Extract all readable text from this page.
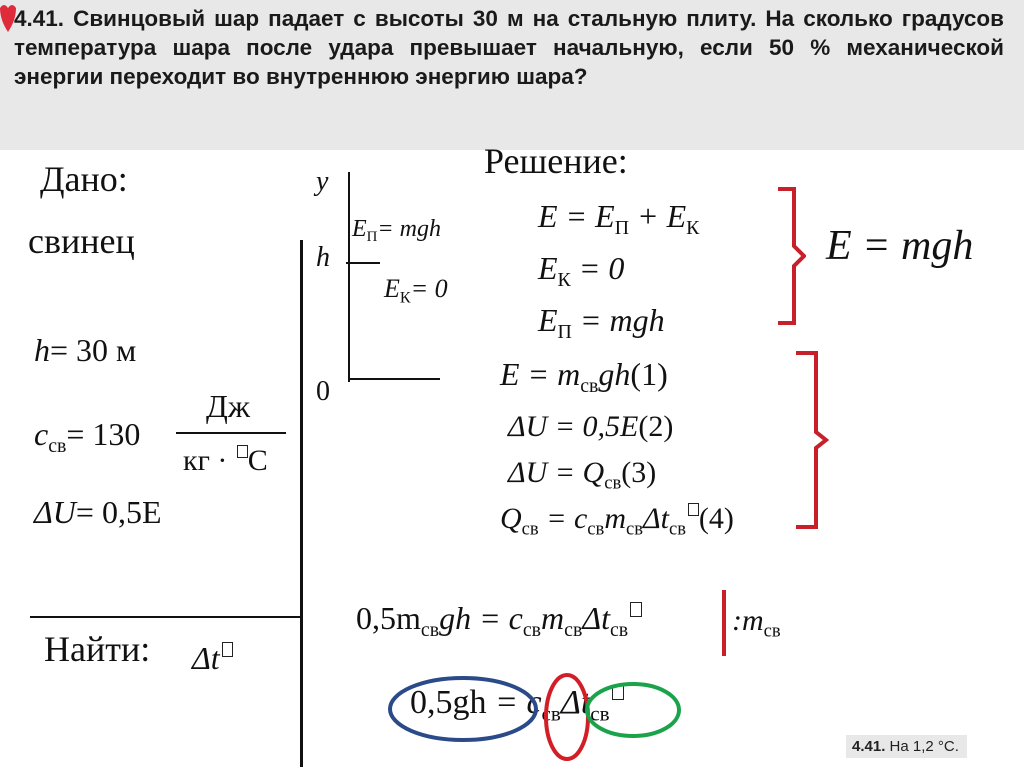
4.41. Свинцовый шар падает с высоты 30 м на стальную плиту. На сколько градусов температура шара после удара превышает начальную, если 50 % механической энергии переходит во внутреннюю энергию шара?
Дано:
свинец
h= 30 м
$c_{св}= 130$
Дж
кг · С
ΔU= 0,5E
Найти: Δt
y
h
0
$E_П=$ mgh
$E_К= 0$
Решение:
$E = E_П + E_К$
$E_К = 0$
$E_П$ = mgh
E = mgh
$E = m_{св}gh(1)$
ΔU = 0,5E(2)
$\Delta U = Q_{св}(3)$
$Q_{св} = c_{св}m_{св}\Delta t_{св}$ (4)
$0,5m_{св}gh = c_{св}m_{св}\Delta t_{св}$	$:m_{св}$
$0,5gh = c_{св}\Delta t_{св}$
4.41. На 1,2 °С.
